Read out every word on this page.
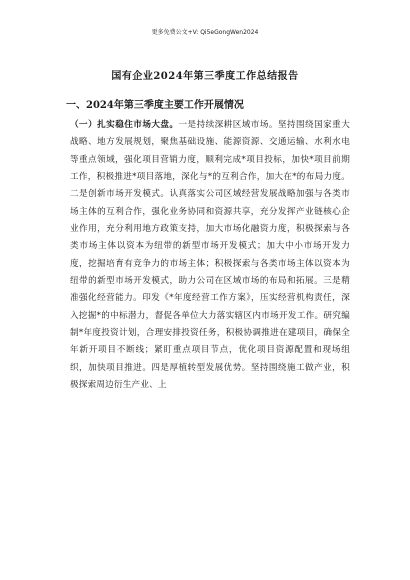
更多免费公文+V: Qi5eGongWen2024
国有企业2024年第三季度工作总结报告
一、2024年第三季度主要工作开展情况
（一）扎实稳住市场大盘。一是持续深耕区域市场。坚持围绕国家重大战略、地方发展规划，聚焦基础设施、能源资源、交通运输、水利水电等重点领域，强化项目营销力度，顺利完成*项目投标，加快*项目前期工作，积极推进*项目落地，深化与*的互利合作，加大在*的布局力度。二是创新市场开发模式。认真落实公司区域经营发展战略加强与各类市场主体的互利合作，强化业务协同和资源共享，充分发挥产业链核心企业作用，充分利用地方政策支持，加大市场化融资力度，积极探索与各类市场主体以资本为纽带的新型市场开发模式；加大中小市场开发力度，挖掘培育有竞争力的市场主体；积极探索与各类市场主体以资本为纽带的新型市场开发模式，助力公司在区域市场的布局和拓展。三是精准强化经营能力。印发《*年度经营工作方案》，压实经营机构责任，深入挖掘*的中标潜力，督促各单位大力落实辖区内市场开发工作。研究编制*年度投资计划，合理安排投资任务，积极协调推进在建项目，确保全年新开项目不断线；紧盯重点项目节点，优化项目资源配置和现场组织，加快项目推进。四是厚植转型发展优势。坚持围绕施工做产业，积极探索周边衍生产业、上
